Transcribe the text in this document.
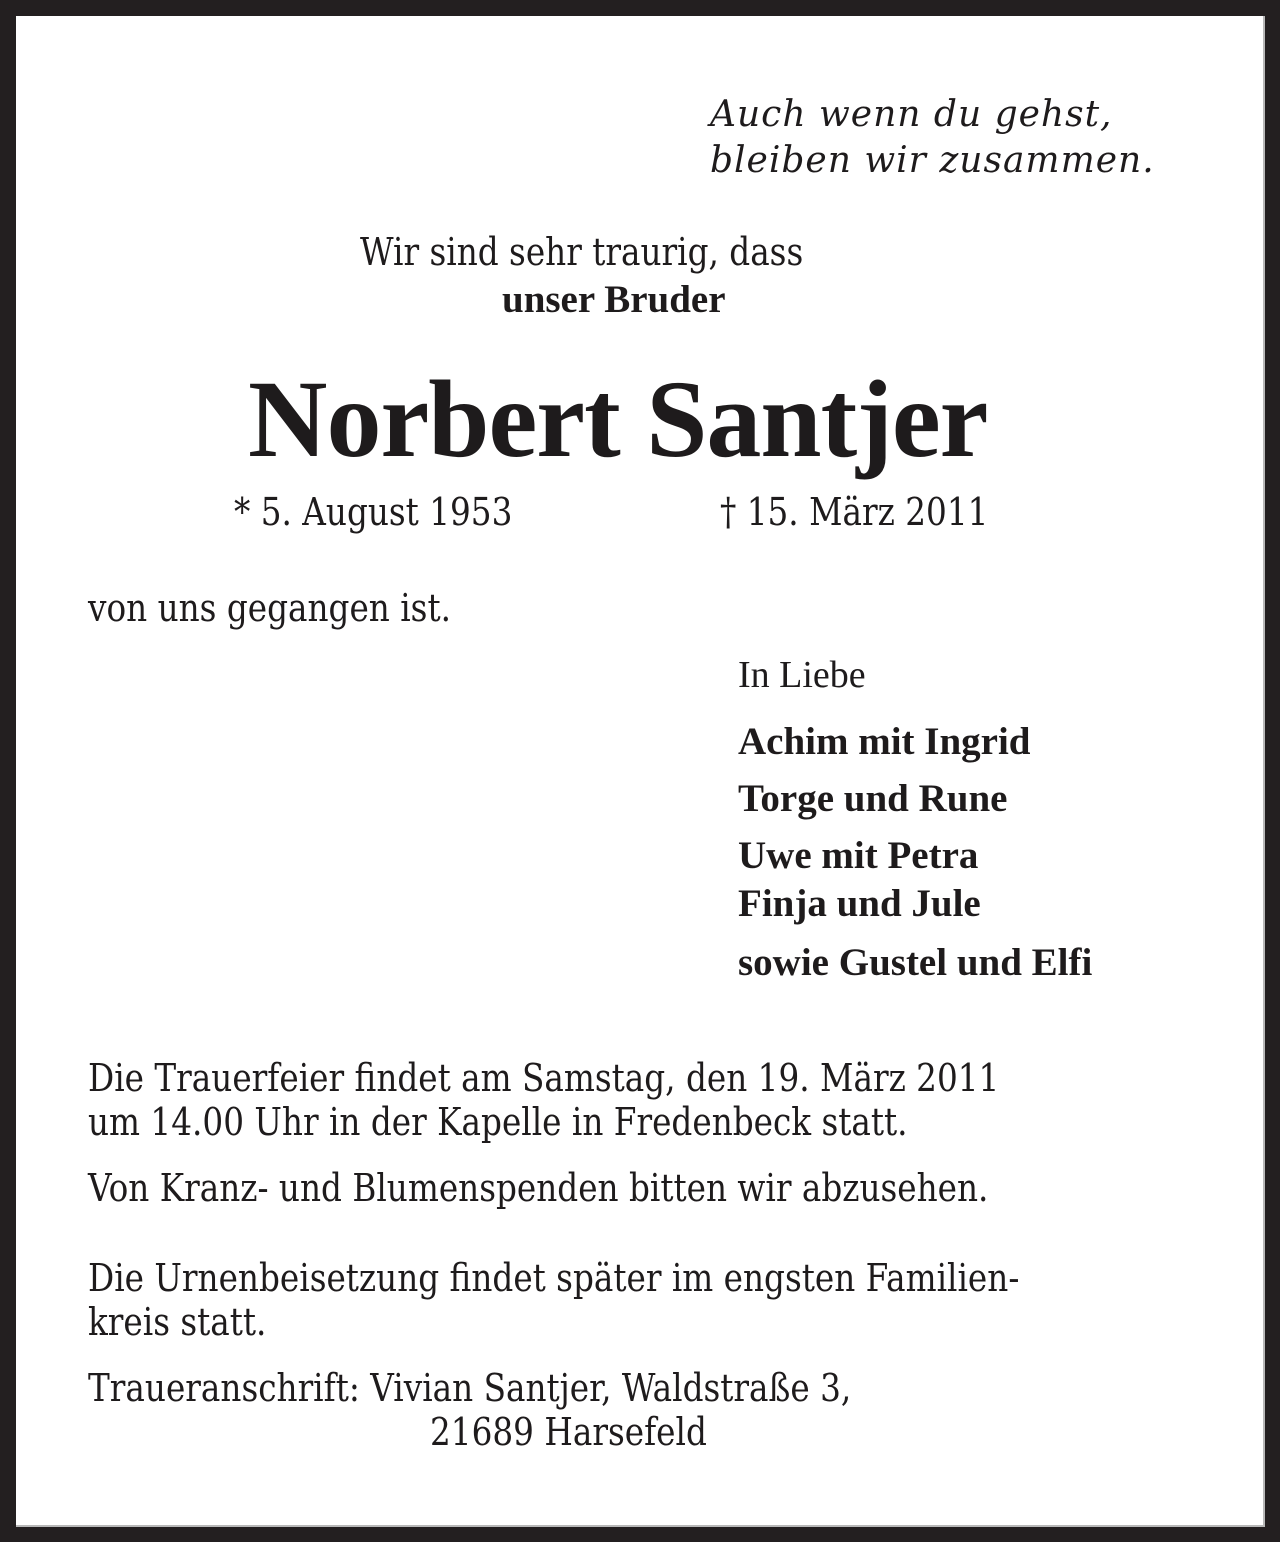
Auch wenn du gehst,

bleiben wir zusammen.

Wir sind sehr traurig, dass

unser Bruder

Norbert Santjer

* 5. August 1953	† 15. März 2011

von uns gegangen ist.

In Liebe

Achim mit Ingrid

Torge und Rune

Uwe mit Petra

Finja und Jule

sowie Gustel und Elfi

Die Trauerfeier findet am Samstag, den 19. März 2011

um 14.00 Uhr in der Kapelle in Fredenbeck statt.

Von Kranz- und Blumenspenden bitten wir abzusehen.

Die Urnenbeisetzung findet später im engsten Familien-

kreis statt.

Traueranschrift: Vivian Santjer, Waldstraße 3,

21689 Harsefeld
